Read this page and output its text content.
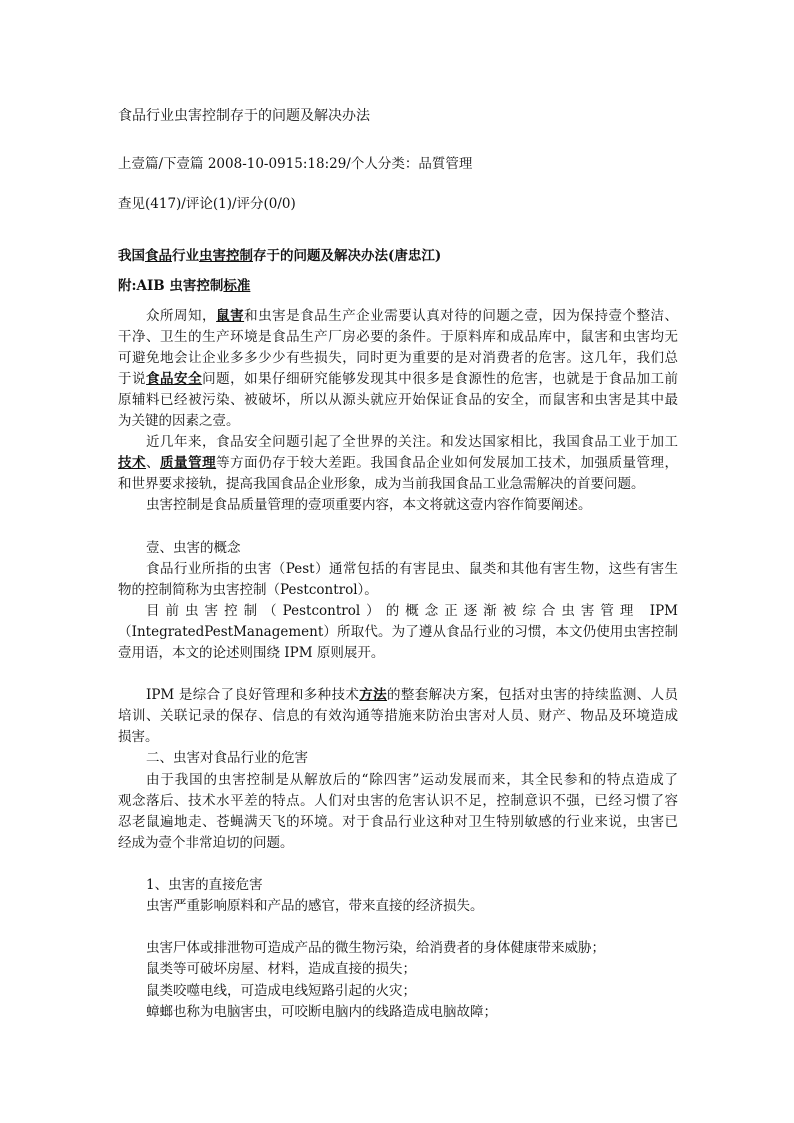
食品行业虫害控制存于的问题及解决办法
上壹篇/下壹篇 2008-10-0915:18:29/个人分类：品質管理
查见(417)/评论(1)/评分(0/0)
我国食品行业虫害控制存于的问题及解决办法(唐忠江)
附:AIB 虫害控制标准
众所周知，鼠害和虫害是食品生产企业需要认真对待的问题之壹，因为保持壹个整洁、
干净、卫生的生产环境是食品生产厂房必要的条件。于原料库和成品库中，鼠害和虫害均无
可避免地会让企业多多少少有些损失，同时更为重要的是对消费者的危害。这几年，我们总
于说食品安全问题，如果仔细研究能够发现其中很多是食源性的危害，也就是于食品加工前
原辅料已经被污染、被破坏，所以从源头就应开始保证食品的安全，而鼠害和虫害是其中最
为关键的因素之壹。
近几年来，食品安全问题引起了全世界的关注。和发达国家相比，我国食品工业于加工
技术、质量管理等方面仍存于较大差距。我国食品企业如何发展加工技术，加强质量管理，
和世界要求接轨，提高我国食品企业形象，成为当前我国食品工业急需解决的首要问题。
虫害控制是食品质量管理的壹项重要内容，本文将就这壹内容作简要阐述。
壹、虫害的概念
食品行业所指的虫害（Pest）通常包括的有害昆虫、鼠类和其他有害生物，这些有害生
物的控制简称为虫害控制（Pestcontrol）。
目前虫害控制（Pestcontrol）的概念正逐渐被综合虫害管理 IPM
（IntegratedPestManagement）所取代。为了遵从食品行业的习惯，本文仍使用虫害控制
壹用语，本文的论述则围绕 IPM 原则展开。
IPM 是综合了良好管理和多种技术方法的整套解决方案，包括对虫害的持续监测、人员
培训、关联记录的保存、信息的有效沟通等措施来防治虫害对人员、财产、物品及环境造成
损害。
二、虫害对食品行业的危害
由于我国的虫害控制是从解放后的“除四害”运动发展而来，其全民参和的特点造成了
观念落后、技术水平差的特点。人们对虫害的危害认识不足，控制意识不强，已经习惯了容
忍老鼠遍地走、苍蝇满天飞的环境。对于食品行业这种对卫生特别敏感的行业来说，虫害已
经成为壹个非常迫切的问题。
1、虫害的直接危害
虫害严重影响原料和产品的感官，带来直接的经济损失。
虫害尸体或排泄物可造成产品的微生物污染，给消费者的身体健康带来威胁；
鼠类等可破坏房屋、材料，造成直接的损失；
鼠类咬噬电线，可造成电线短路引起的火灾；
蟑螂也称为电脑害虫，可咬断电脑内的线路造成电脑故障；
